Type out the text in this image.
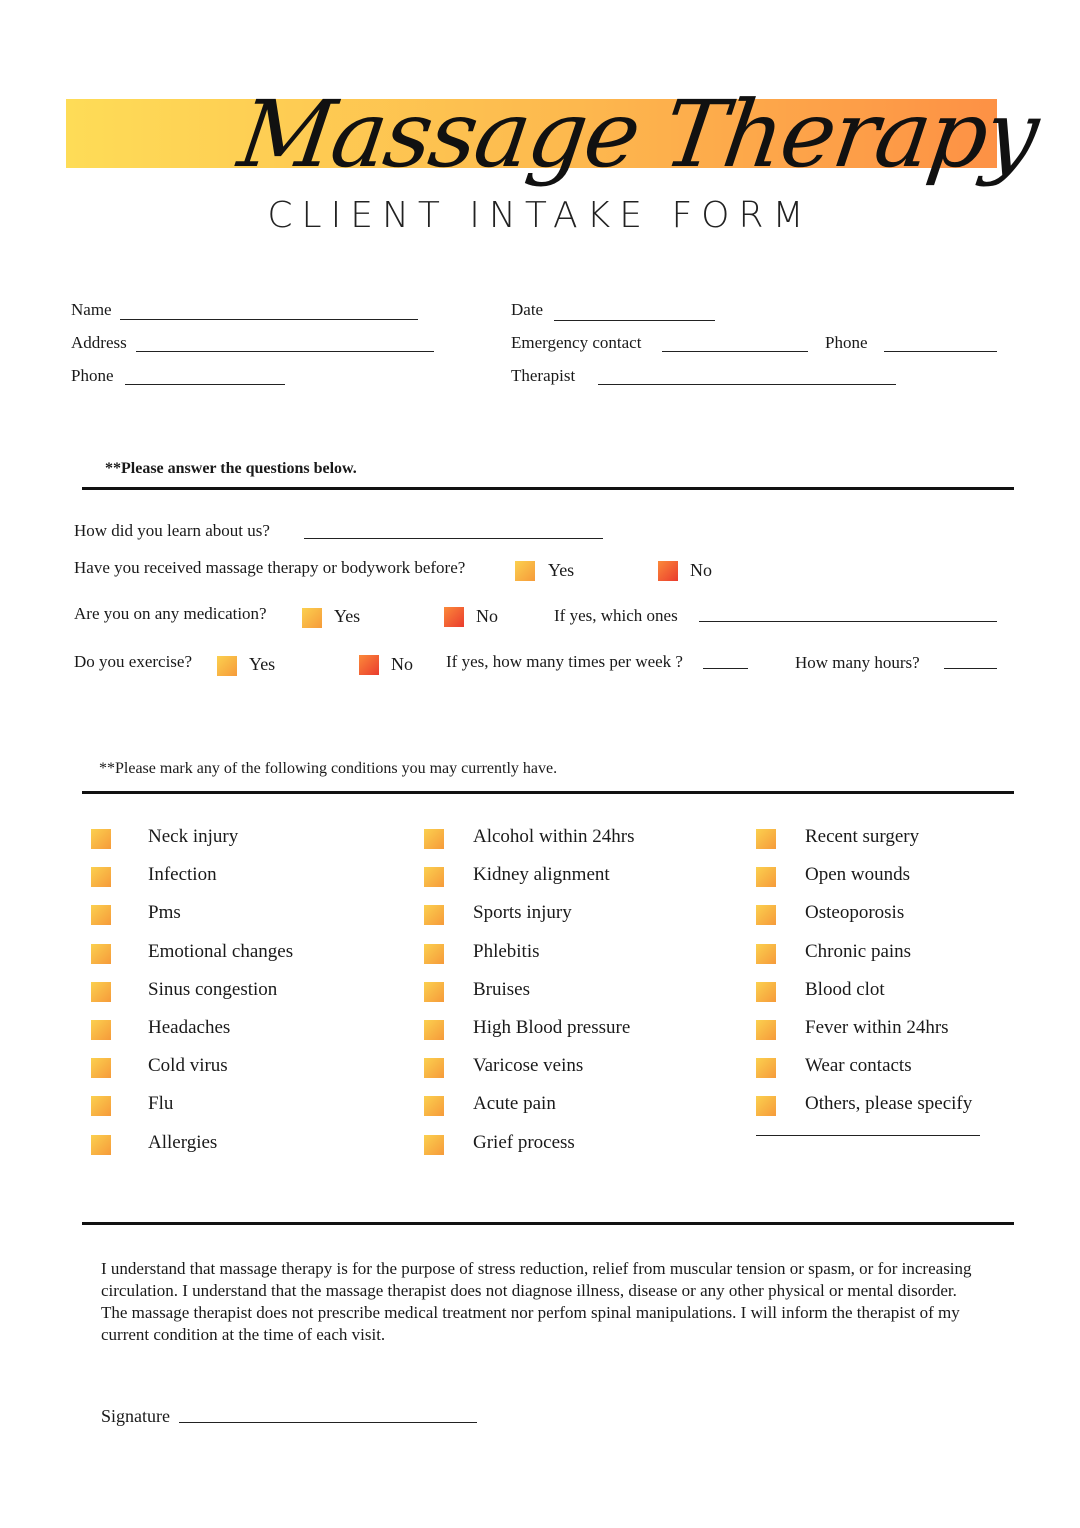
Massage Therapy
CLIENT INTAKE FORM
Name
Address
Phone
Date
Emergency contact	Phone
Therapist
**Please answer the questions below.
How did you learn about us?
Have you received massage therapy or bodywork before?	Yes	No
Are you on any medication?	Yes	No	If yes, which ones
Do you exercise?	Yes	No If yes, how many times per week ?	How many hours?
**Please mark any of the following conditions you may currently have.
Neck injury
Infection
Pms
Emotional changes
Sinus congestion
Headaches
Cold virus
Flu
Allergies
Alcohol within 24hrs
Kidney alignment
Sports injury
Phlebitis
Bruises
High Blood pressure
Varicose veins
Acute pain
Grief process
Recent surgery
Open wounds
Osteoporosis
Chronic pains
Blood clot
Fever within 24hrs
Wear contacts
Others, please specify
I understand that massage therapy is for the purpose of stress reduction, relief from muscular tension or spasm, or for increasing circulation. I understand that the massage therapist does not diagnose illness, disease or any other physical or mental disorder. The massage therapist does not prescribe medical treatment nor perfom spinal manipulations. I will inform the therapist of my current condition at the time of each visit.
Signature
